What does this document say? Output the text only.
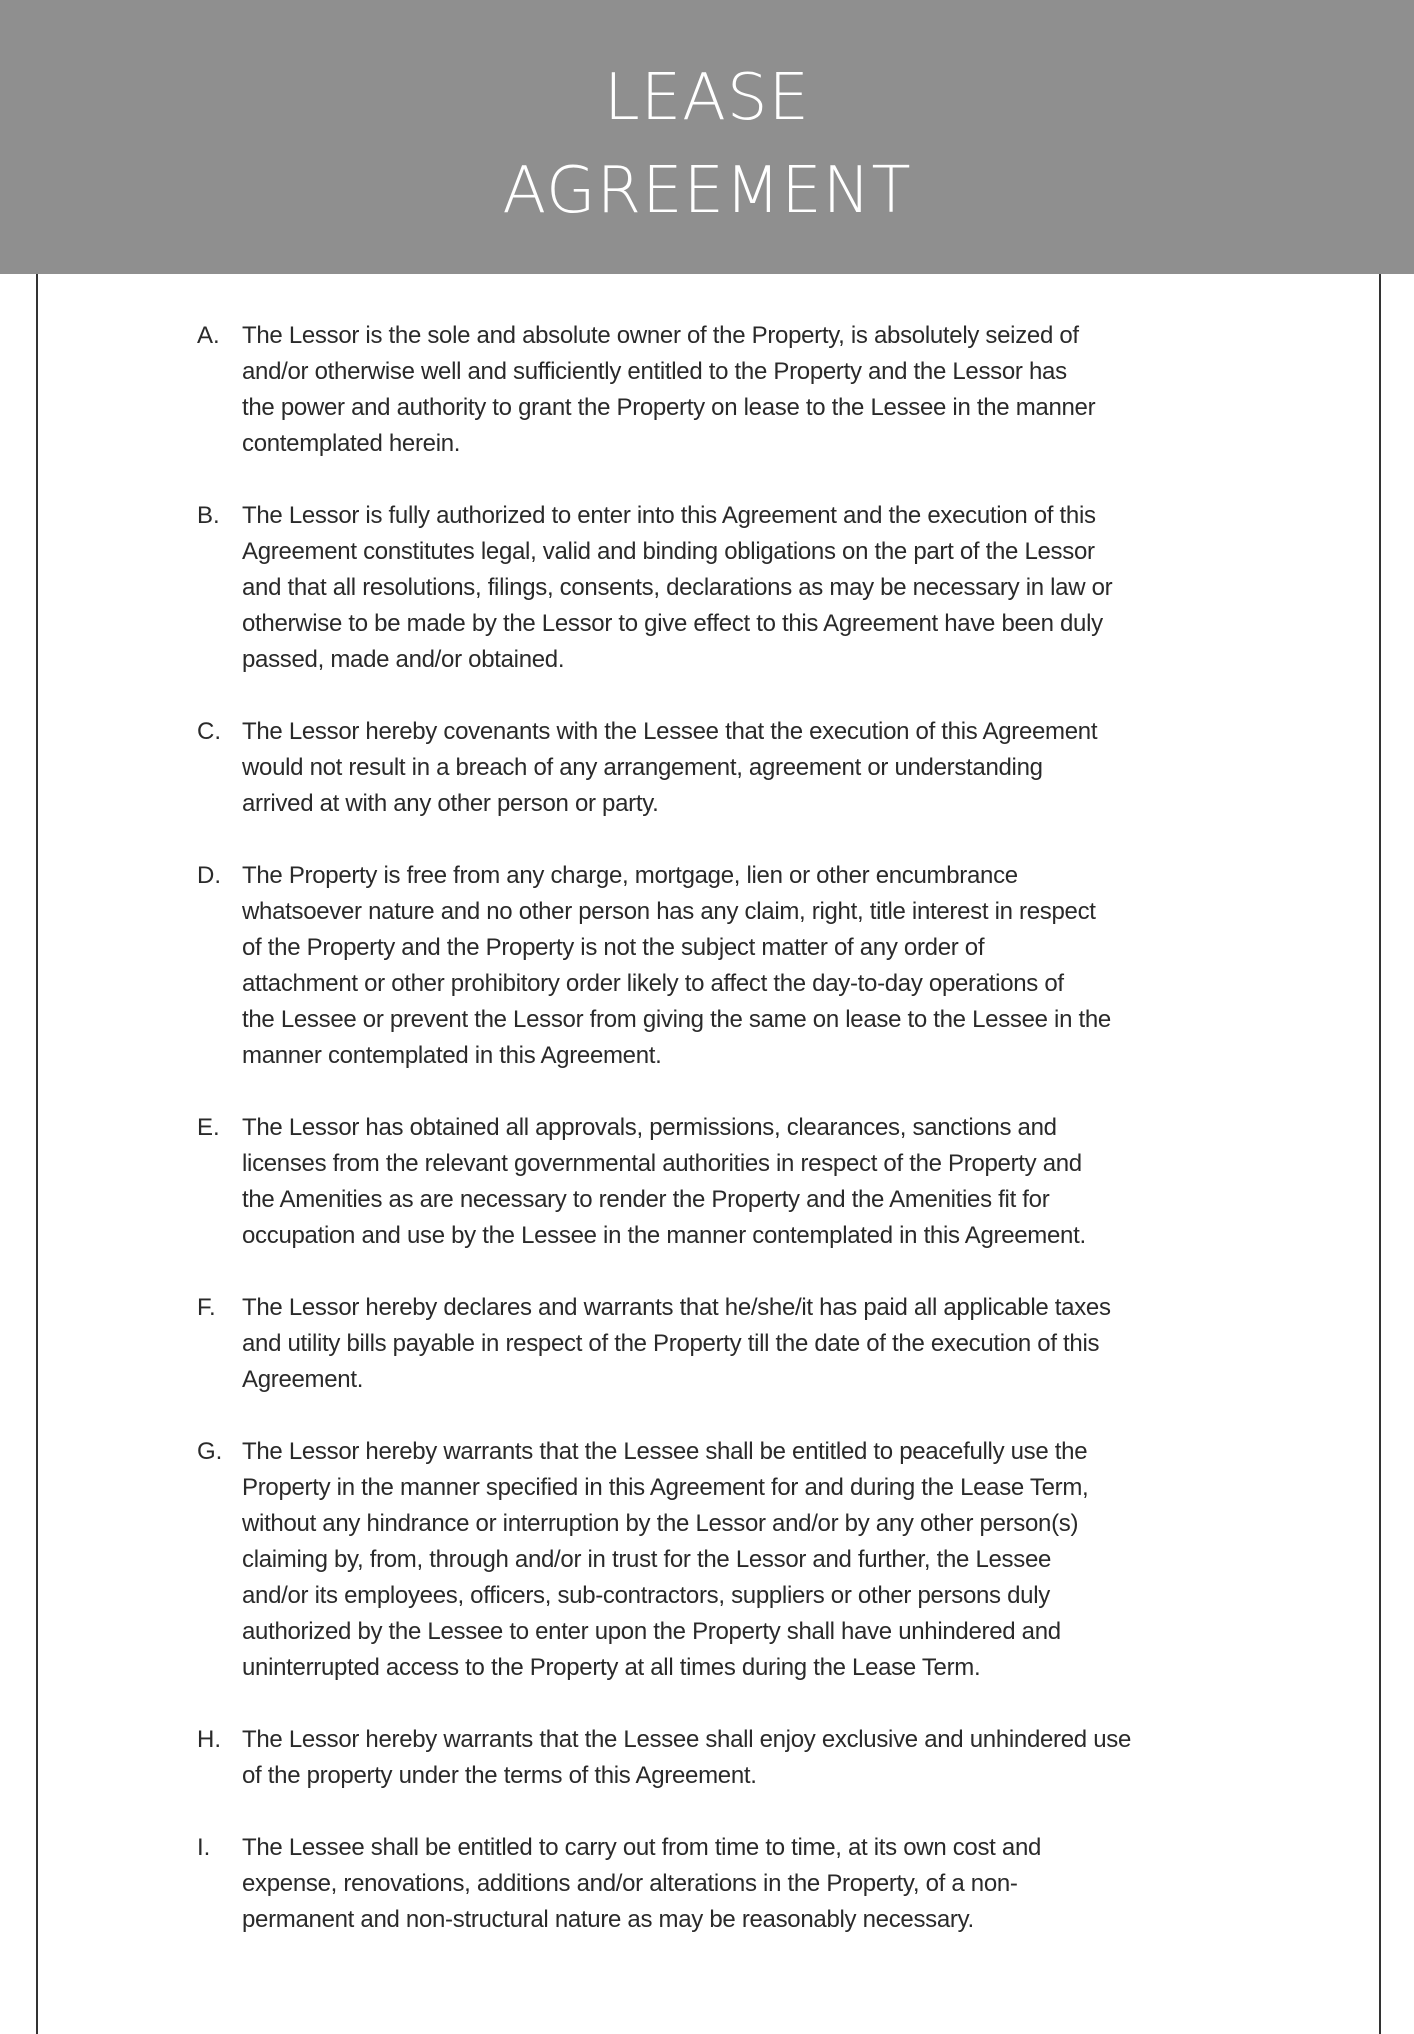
LEASE
AGREEMENT
A. The Lessor is the sole and absolute owner of the Property, is absolutely seized of
and/or otherwise well and sufficiently entitled to the Property and the Lessor has
the power and authority to grant the Property on lease to the Lessee in the manner
contemplated herein.
B. The Lessor is fully authorized to enter into this Agreement and the execution of this
Agreement constitutes legal, valid and binding obligations on the part of the Lessor
and that all resolutions, filings, consents, declarations as may be necessary in law or
otherwise to be made by the Lessor to give effect to this Agreement have been duly
passed, made and/or obtained.
C. The Lessor hereby covenants with the Lessee that the execution of this Agreement
would not result in a breach of any arrangement, agreement or understanding
arrived at with any other person or party.
D. The Property is free from any charge, mortgage, lien or other encumbrance
whatsoever nature and no other person has any claim, right, title interest in respect
of the Property and the Property is not the subject matter of any order of
attachment or other prohibitory order likely to affect the day-to-day operations of
the Lessee or prevent the Lessor from giving the same on lease to the Lessee in the
manner contemplated in this Agreement.
E. The Lessor has obtained all approvals, permissions, clearances, sanctions and
licenses from the relevant governmental authorities in respect of the Property and
the Amenities as are necessary to render the Property and the Amenities fit for
occupation and use by the Lessee in the manner contemplated in this Agreement.
F. The Lessor hereby declares and warrants that he/she/it has paid all applicable taxes
and utility bills payable in respect of the Property till the date of the execution of this
Agreement.
G. The Lessor hereby warrants that the Lessee shall be entitled to peacefully use the
Property in the manner specified in this Agreement for and during the Lease Term,
without any hindrance or interruption by the Lessor and/or by any other person(s)
claiming by, from, through and/or in trust for the Lessor and further, the Lessee
and/or its employees, officers, sub-contractors, suppliers or other persons duly
authorized by the Lessee to enter upon the Property shall have unhindered and
uninterrupted access to the Property at all times during the Lease Term.
H. The Lessor hereby warrants that the Lessee shall enjoy exclusive and unhindered use
of the property under the terms of this Agreement.
I. The Lessee shall be entitled to carry out from time to time, at its own cost and
expense, renovations, additions and/or alterations in the Property, of a non-
permanent and non-structural nature as may be reasonably necessary.
